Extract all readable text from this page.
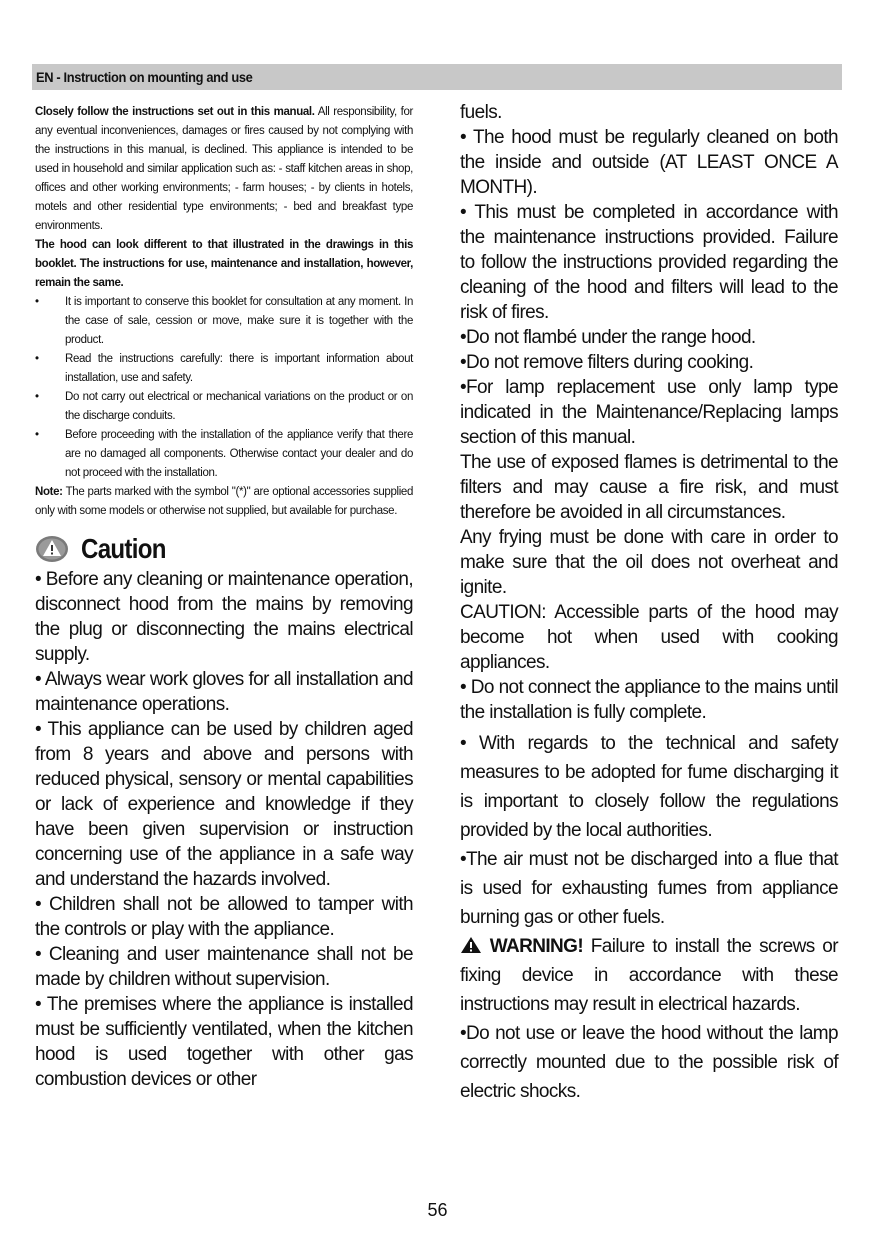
EN - Instruction on mounting and use

Closely follow the instructions set out in this manual. All responsibility, for any eventual inconveniences, damages or fires caused by not complying with the instructions in this manual, is declined. This appliance is intended to be used in household and similar application such as: - staff kitchen areas in shop, offices and other working environments; - farm houses; - by clients in hotels, motels and other residential type environments; - bed and breakfast type environments.

The hood can look different to that illustrated in the drawings in this booklet. The instructions for use, maintenance and installation, however, remain the same.

• It is important to conserve this booklet for consultation at any moment. In the case of sale, cession or move, make sure it is together with the product.
• Read the instructions carefully: there is important information about installation, use and safety.
• Do not carry out electrical or mechanical variations on the product or on the discharge conduits.
• Before proceeding with the installation of the appliance verify that there are no damaged all components. Otherwise contact your dealer and do not proceed with the installation.

Note: The parts marked with the symbol "(*)" are optional accessories supplied only with some models or otherwise not supplied, but available for purchase.

Caution

• Before any cleaning or maintenance operation, disconnect hood from the mains by removing the plug or disconnecting the mains electrical supply.

• Always wear work gloves for all installation and maintenance operations.

• This appliance can be used by children aged from 8 years and above and persons with reduced physical, sensory or mental capabilities or lack of experience and knowledge if they have been given supervision or instruction concerning use of the appliance in a safe way and understand the hazards involved.

• Children shall not be allowed to tamper with the controls or play with the appliance.

• Cleaning and user maintenance shall not be made by children without supervision.

• The premises where the appliance is installed must be sufficiently ventilated, when the kitchen hood is used together with other gas combustion devices or other

fuels.

• The hood must be regularly cleaned on both the inside and outside (AT LEAST ONCE A MONTH).

• This must be completed in accordance with the maintenance instructions provided. Failure to follow the instructions provided regarding the cleaning of the hood and filters will lead to the risk of fires.

•Do not flambé under the range hood.

•Do not remove filters during cooking.

•For lamp replacement use only lamp type indicated in the Maintenance/Replacing lamps section of this manual.

The use of exposed flames is detrimental to the filters and may cause a fire risk, and must therefore be avoided in all circumstances.

Any frying must be done with care in order to make sure that the oil does not overheat and ignite.

CAUTION: Accessible parts of the hood may become hot when used with cooking appliances.

• Do not connect the appliance to the mains until the installation is fully complete.

• With regards to the technical and safety measures to be adopted for fume discharging it is important to closely follow the regulations provided by the local authorities.

•The air must not be discharged into a flue that is used for exhausting fumes from appliance burning gas or other fuels.

WARNING! Failure to install the screws or fixing device in accordance with these instructions may result in electrical hazards.

•Do not use or leave the hood without the lamp correctly mounted due to the possible risk of electric shocks.

56
